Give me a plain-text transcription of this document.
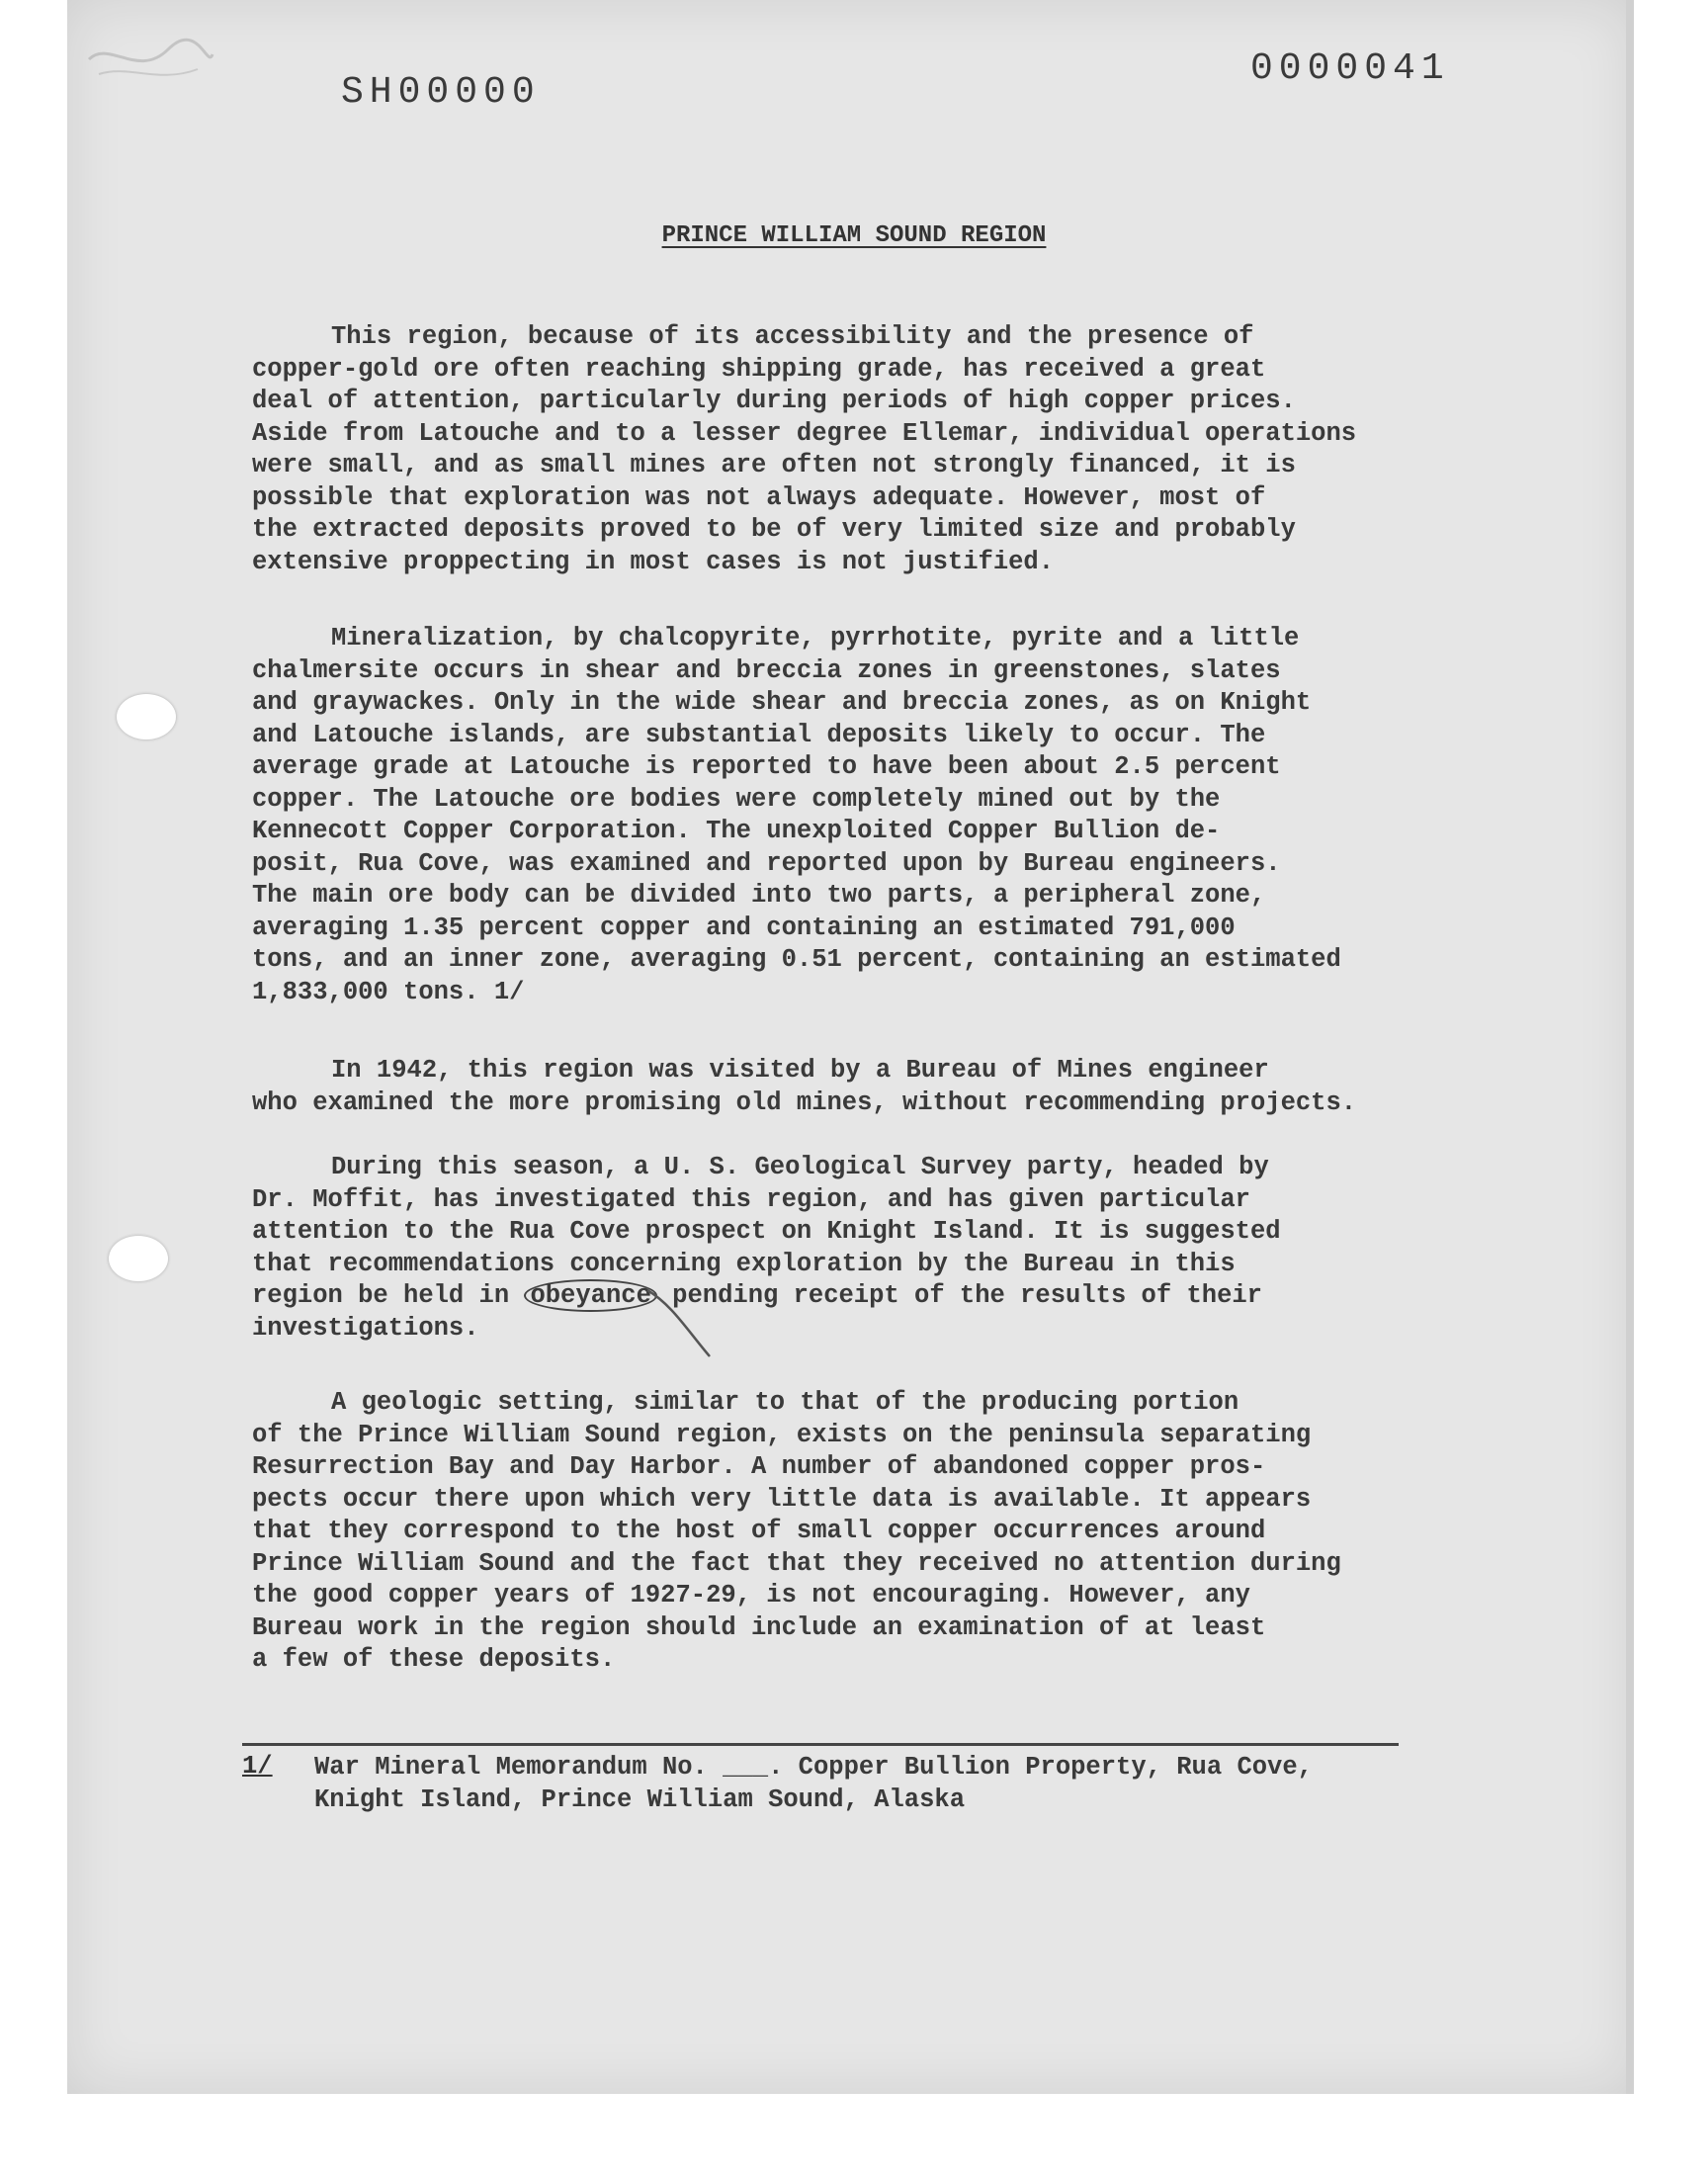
SH00000
0000041
PRINCE WILLIAM SOUND REGION

This region, because of its accessibility and the presence of
copper-gold ore often reaching shipping grade, has received a great
deal of attention, particularly during periods of high copper prices.
Aside from Latouche and to a lesser degree Ellemar, individual operations
were small, and as small mines are often not strongly financed, it is
possible that exploration was not always adequate. However, most of
the extracted deposits proved to be of very limited size and probably
extensive proppecting in most cases is not justified.

Mineralization, by chalcopyrite, pyrrhotite, pyrite and a little
chalmersite occurs in shear and breccia zones in greenstones, slates
and graywackes. Only in the wide shear and breccia zones, as on Knight
and Latouche islands, are substantial deposits likely to occur. The
average grade at Latouche is reported to have been about 2.5 percent
copper. The Latouche ore bodies were completely mined out by the
Kennecott Copper Corporation. The unexploited Copper Bullion de-
posit, Rua Cove, was examined and reported upon by Bureau engineers.
The main ore body can be divided into two parts, a peripheral zone,
averaging 1.35 percent copper and containing an estimated 791,000
tons, and an inner zone, averaging 0.51 percent, containing an estimated
1,833,000 tons. 1/

In 1942, this region was visited by a Bureau of Mines engineer
who examined the more promising old mines, without recommending projects.

During this season, a U. S. Geological Survey party, headed by
Dr. Moffit, has investigated this region, and has given particular
attention to the Rua Cove prospect on Knight Island. It is suggested
that recommendations concerning exploration by the Bureau in this
region be held in obeyance pending receipt of the results of their
investigations.

A geologic setting, similar to that of the producing portion
of the Prince William Sound region, exists on the peninsula separating
Resurrection Bay and Day Harbor. A number of abandoned copper pros-
pects occur there upon which very little data is available. It appears
that they correspond to the host of small copper occurrences around
Prince William Sound and the fact that they received no attention during
the good copper years of 1927-29, is not encouraging. However, any
Bureau work in the region should include an examination of at least
a few of these deposits.

1/ War Mineral Memorandum No. ___. Copper Bullion Property, Rua Cove,
Knight Island, Prince William Sound, Alaska
